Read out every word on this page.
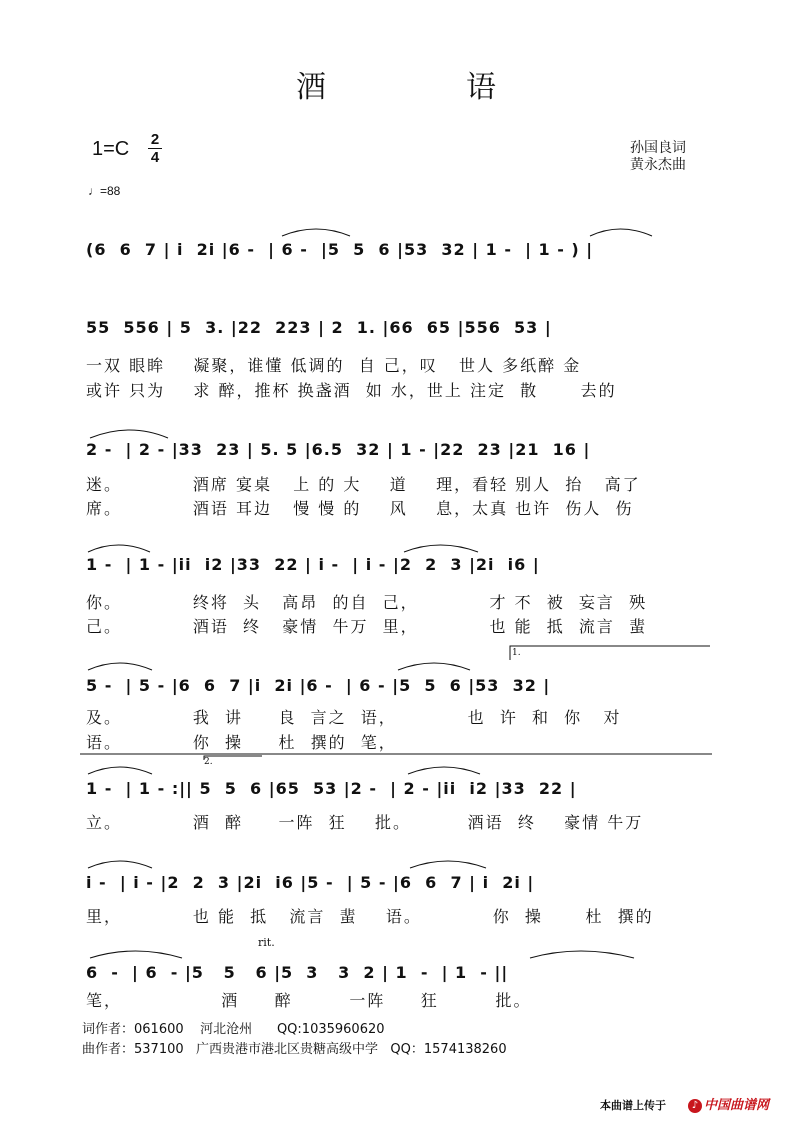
酒	语
1=C 2
4
孙国良词
黄永杰曲
♩=88
(6  6  7 | i  2i |6 -  | 6 -  |5  5  6 |53  32 | 1 -  | 1 - ) |
55  556 | 5  3. |22  223 | 2  1. |66  65 |556  53 |
一双 眼眸    凝聚，谁懂 低调的  自 己，叹   世人 多纸醉 金
或许 只为    求 醉，推杯 换盏酒  如 水，世上 注定  散      去的
2 -  | 2 - |33  23 | 5. 5 |6.5  32 | 1 - |22  23 |21  16 |
迷。          酒席 宴桌   上 的 大    道    理，看轻 别人  抬   高了
席。          酒语 耳边   慢 慢 的    风    息，太真 也许  伤人  伤
1 -  | 1 - |ii  i2 |33  22 | i -  | i - |2  2  3 |2i  i6 |
你。          终将  头   高昂  的自  己，          才 不  被  妄言  殃
己。          酒语  终   豪情  牛万  里，          也 能  抵  流言  蜚
5 -  | 5 - |6  6  7 |i  2i |6 -  | 6 - |5  5  6 |53  32 |
及。          我  讲     良  言之  语，          也  许  和  你   对
语。          你  操     杜  撰的  笔，
1.
2.
1 -  | 1 - :|| 5  5  6 |65  53 |2 -  | 2 - |ii  i2 |33  22 |
立。          酒  醉     一阵  狂    批。        酒语  终    豪情 牛万
i -  | i - |2  2  3 |2i  i6 |5 -  | 5 - |6  6  7 | i  2i |
里，          也 能  抵   流言  蜚    语。          你  操      杜  撰的
rit.
6  -  | 6  - |5   5   6 |5  3   3  2 | 1  -  | 1  - ||
笔，              酒     醉        一阵     狂        批。
词作者：061600    河北沧州      QQ:1035960620
曲作者：537100   广西贵港市港北区贵糖高级中学   QQ：1574138260
本曲谱上传于	♪ 中国曲谱网
